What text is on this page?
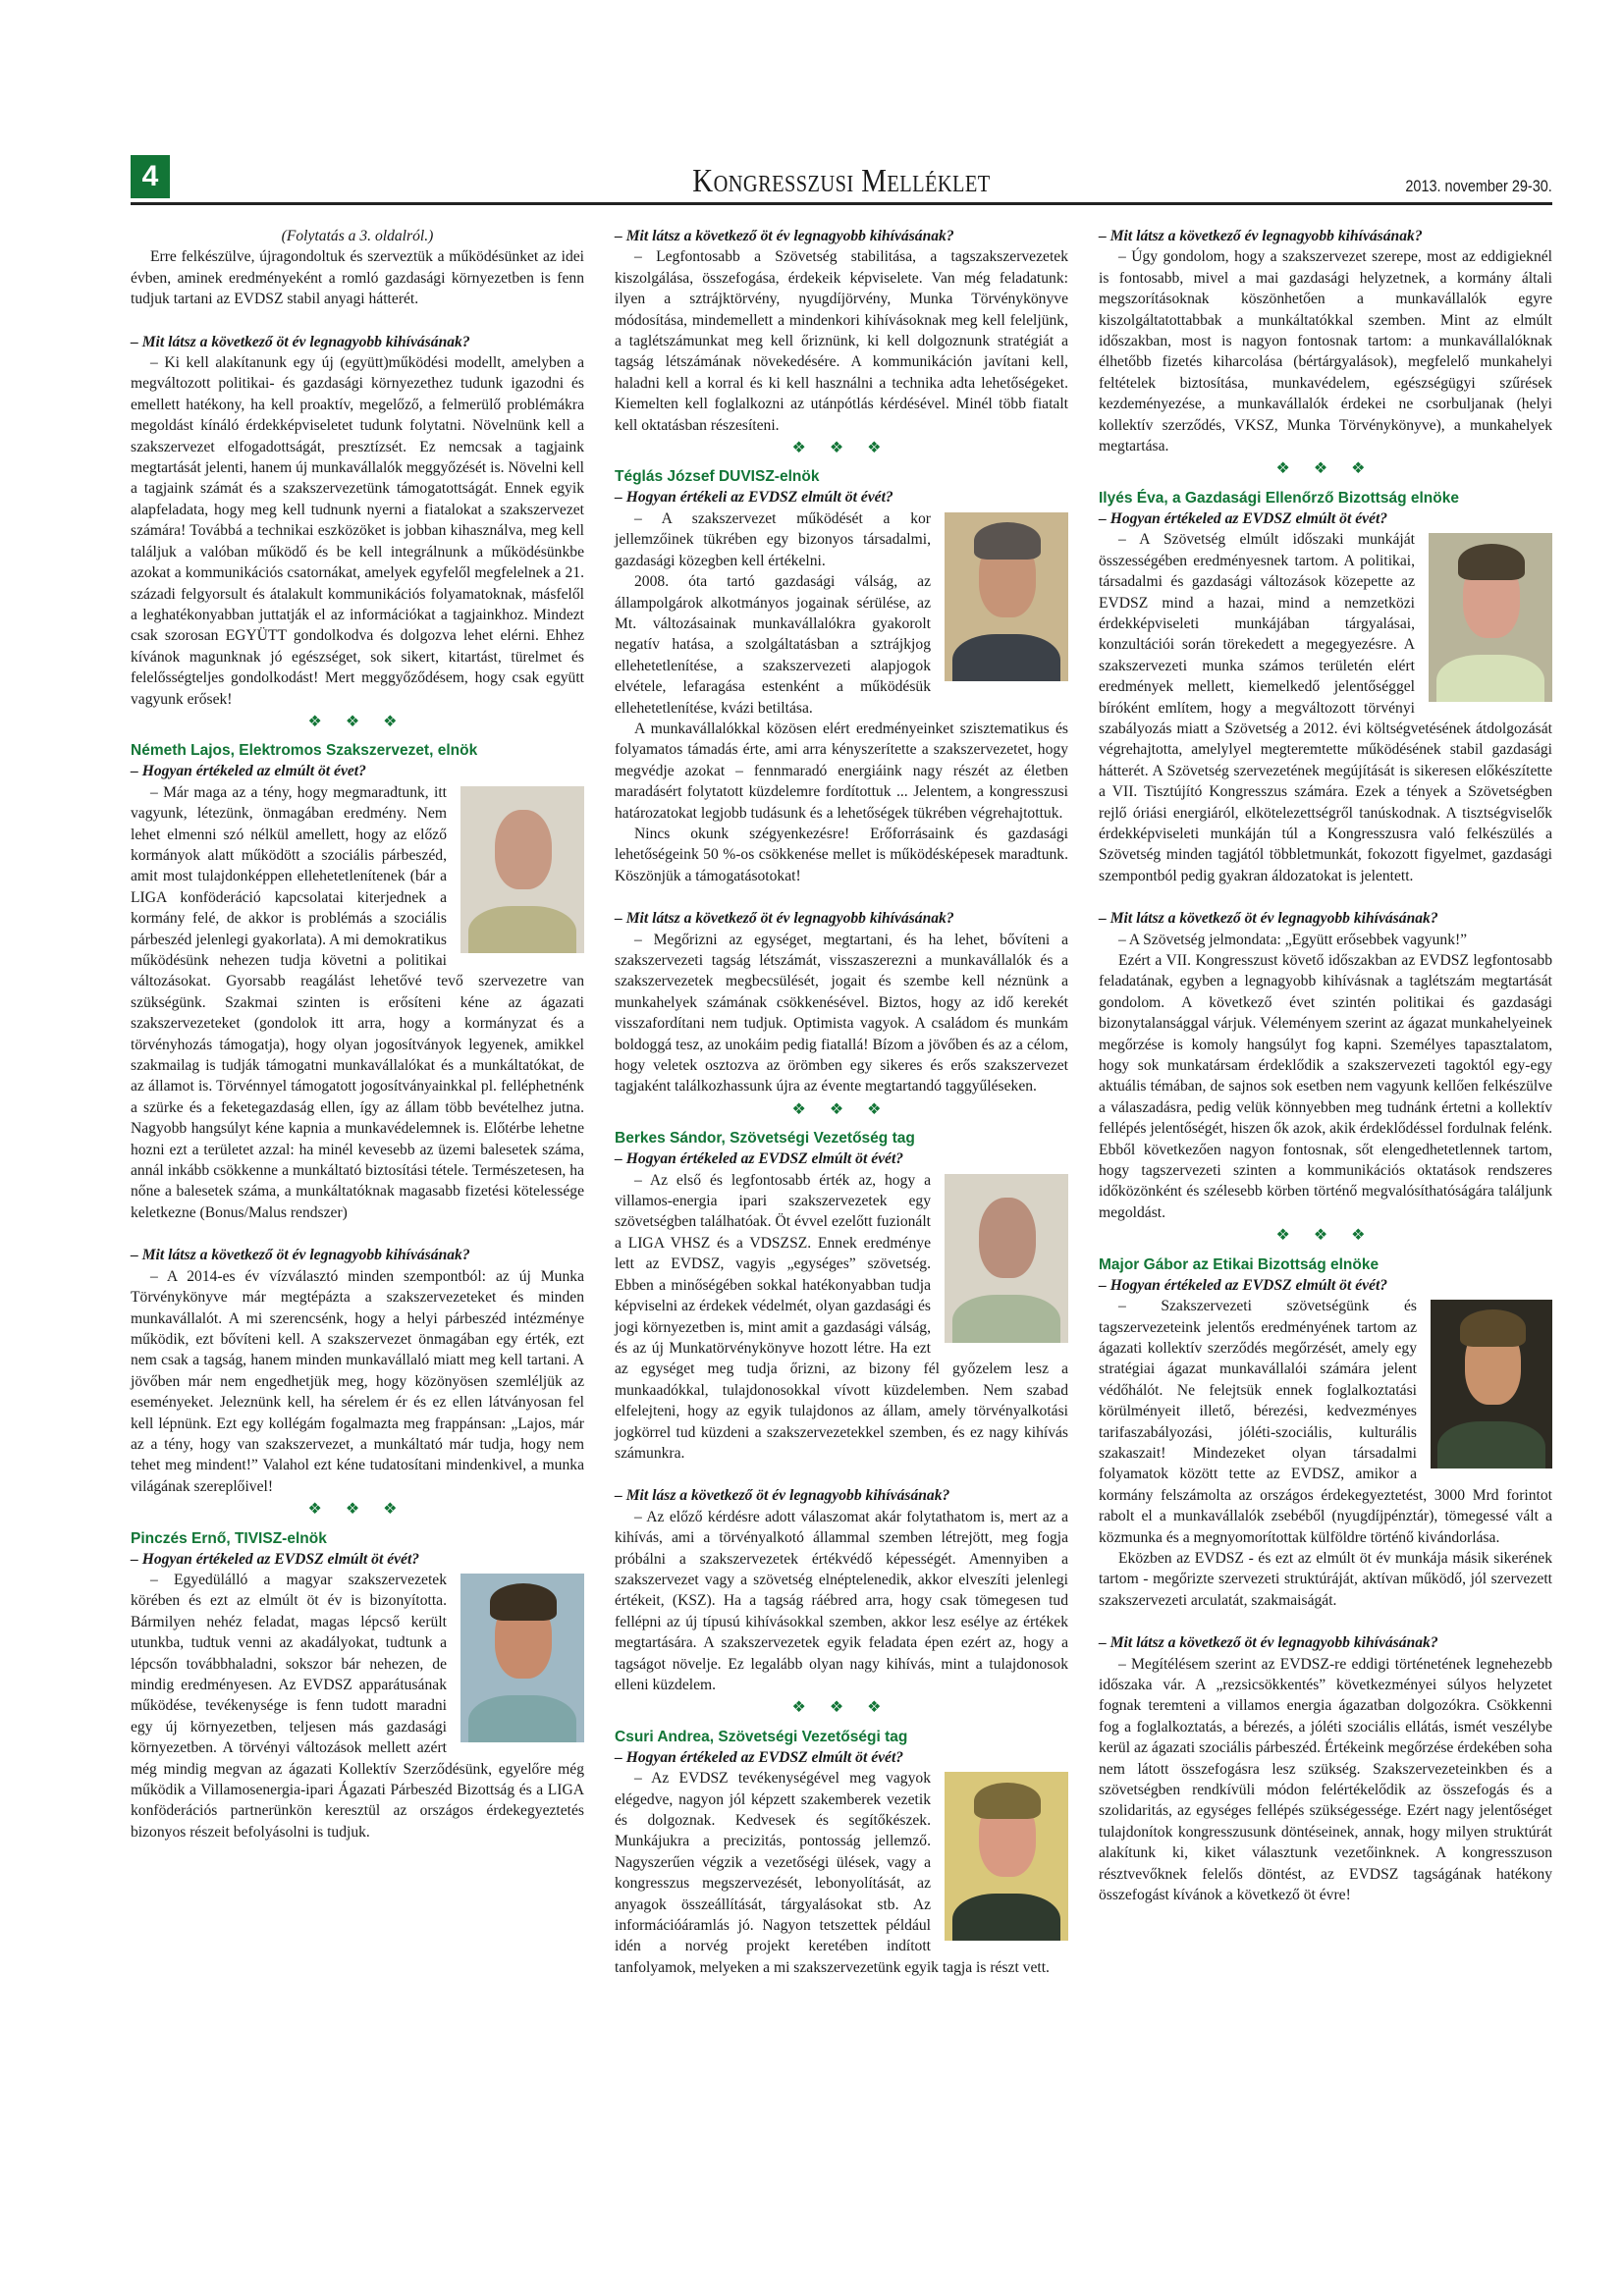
4	Kongresszusi Melléklet	2013. november 29-30.

(Folytatás a 3. oldalról.)

Erre felkészülve, újragondoltuk és szerveztük a működésünket az idei évben, aminek eredményeként a romló gazdasági környezetben is fenn tudjuk tartani az EVDSZ stabil anyagi hátterét.

– Mit látsz a következő öt év legnagyobb kihívásának?

– Ki kell alakítanunk egy új (együtt)működési modellt, amelyben a megváltozott politikai- és gazdasági környezethez tudunk igazodni és emellett hatékony, ha kell proaktív, megelőző, a felmerülő problémákra megoldást kínáló érdekképviseletet tudunk folytatni. Növelnünk kell a szakszervezet elfogadottságát, presztízsét. Ez nemcsak a tagjaink megtartását jelenti, hanem új munkavállalók meggyőzését is. Növelni kell a tagjaink számát és a szakszervezetünk támogatottságát. Ennek egyik alapfeladata, hogy meg kell tudnunk nyerni a fiatalokat a szakszervezet számára! Továbbá a technikai eszközöket is jobban kihasználva, meg kell találjuk a valóban működő és be kell integrálnunk a működésünkbe azokat a kommunikációs csatornákat, amelyek egyfelől megfelelnek a 21. századi felgyorsult és átalakult kommunikációs folyamatoknak, másfelől a leghatékonyabban juttatják el az információkat a tagjainkhoz. Mindezt csak szorosan EGYÜTT gondolkodva és dolgozva lehet elérni. Ehhez kívánok magunknak jó egészséget, sok sikert, kitartást, türelmet és felelősségteljes gondolkodást! Mert meggyőződésem, hogy csak együtt vagyunk erősek!

❖ ❖ ❖
Németh Lajos, Elektromos Szakszervezet, elnök

– Hogyan értékeled az elmúlt öt évet?

– Már maga az a tény, hogy megmaradtunk, itt vagyunk, létezünk, önmagában eredmény. Nem lehet elmenni szó nélkül amellett, hogy az előző kormányok alatt működött a szociális párbeszéd, amit most tulajdonképpen ellehetetlenítenek (bár a LIGA konföderáció kapcsolatai kiterjednek a kormány felé, de akkor is problémás a szociális párbeszéd jelenlegi gyakorlata). A mi demokratikus működésünk nehezen tudja követni a politikai változásokat. Gyorsabb reagálást lehetővé tevő szervezetre van szükségünk. Szakmai szinten is erősíteni kéne az ágazati szakszervezeteket (gondolok itt arra, hogy a kormányzat és a törvényhozás támogatja), hogy olyan jogosítványok legyenek, amikkel szakmailag is tudják támogatni munkavállalókat és a munkáltatókat, de az államot is. Törvénnyel támogatott jogosítványainkkal pl. felléphetnénk a szürke és a feketegazdaság ellen, így az állam több bevételhez jutna. Nagyobb hangsúlyt kéne kapnia a munkavédelemnek is. Előtérbe lehetne hozni ezt a területet azzal: ha minél kevesebb az üzemi balesetek száma, annál inkább csökkenne a munkáltató biztosítási tétele. Természetesen, ha nőne a balesetek száma, a munkáltatóknak magasabb fizetési kötelessége keletkezne (Bonus/Malus rendszer)

– Mit látsz a következő öt év legnagyobb kihívásának?

– A 2014-es év vízválasztó minden szempontból: az új Munka Törvénykönyve már megtépázta a szakszervezeteket és minden munkavállalót. A mi szerencsénk, hogy a helyi párbeszéd intézménye működik, ezt bővíteni kell. A szakszervezet önmagában egy érték, ezt nem csak a tagság, hanem minden munkavállaló miatt meg kell tartani. A jövőben már nem engedhetjük meg, hogy közönyösen szemléljük az eseményeket. Jeleznünk kell, ha sérelem ér és ez ellen látványosan fel kell lépnünk. Ezt egy kollégám fogalmazta meg frappánsan: „Lajos, már az a tény, hogy van szakszervezet, a munkáltató már tudja, hogy nem tehet meg mindent!” Valahol ezt kéne tudatosítani mindenkivel, a munka világának szereplőivel!

❖ ❖ ❖
Pinczés Ernő, TIVISZ-elnök

– Hogyan értékeled az EVDSZ elmúlt öt évét?

– Egyedülálló a magyar szakszervezetek körében és ezt az elmúlt öt év is bizonyította. Bármilyen nehéz feladat, magas lépcső került utunkba, tudtuk venni az akadályokat, tudtunk a lépcsőn továbbhaladni, sokszor bár nehezen, de mindig eredményesen. Az EVDSZ apparátusának működése, tevékenysége is fenn tudott maradni egy új környezetben, teljesen más gazdasági környezetben. A törvényi változások mellett azért még mindig megvan az ágazati Kollektív Szerződésünk, egyelőre még működik a Villamosenergia-ipari Ágazati Párbeszéd Bizottság és a LIGA konföderációs partnerünkön keresztül az országos érdekegyeztetés bizonyos részeit befolyásolni is tudjuk.

– Mit látsz a következő öt év legnagyobb kihívásának?

– Legfontosabb a Szövetség stabilitása, a tagszakszervezetek kiszolgálása, összefogása, érdekeik képviselete. Van még feladatunk: ilyen a sztrájktörvény, nyugdíjörvény, Munka Törvénykönyve módosítása, mindemellett a mindenkori kihívásoknak meg kell feleljünk, a taglétszámunkat meg kell őriznünk, ki kell dolgoznunk stratégiát a tagság létszámának növekedésére. A kommunikáción javítani kell, haladni kell a korral és ki kell használni a technika adta lehetőségeket. Kiemelten kell foglalkozni az utánpótlás kérdésével. Minél több fiatalt kell oktatásban részesíteni.

❖ ❖ ❖
Téglás József DUVISZ-elnök

– Hogyan értékeli az EVDSZ elmúlt öt évét?

– A szakszervezet működését a kor jellemzőinek tükrében egy bizonyos társadalmi, gazdasági közegben kell értékelni.

2008. óta tartó gazdasági válság, az állampolgárok alkotmányos jogainak sérülése, az Mt. változásainak munkavállalókra gyakorolt negatív hatása, a szolgáltatásban a sztrájkjog ellehetetlenítése, a szakszervezeti alapjogok elvétele, lefaragása estenként a működésük ellehetetlenítése, kvázi betiltása.

A munkavállalókkal közösen elért eredményeinket szisztematikus és folyamatos támadás érte, ami arra kényszerítette a szakszervezetet, hogy megvédje azokat – fennmaradó energiáink nagy részét az életben maradásért folytatott küzdelemre fordítottuk ... Jelentem, a kongresszusi határozatokat legjobb tudásunk és a lehetőségek tükrében végrehajtottuk.

Nincs okunk szégyenkezésre! Erőforrásaink és gazdasági lehetőségeink 50 %-os csökkenése mellet is működésképesek maradtunk. Köszönjük a támogatásotokat!

– Mit látsz a következő öt év legnagyobb kihívásának?

– Megőrizni az egységet, megtartani, és ha lehet, bővíteni a szakszervezeti tagság létszámát, visszaszerezni a munkavállalók és a szakszervezetek megbecsülését, jogait és szembe kell néznünk a munkahelyek számának csökkenésével. Biztos, hogy az idő kerekét visszafordítani nem tudjuk. Optimista vagyok. A családom és munkám boldoggá tesz, az unokáim pedig fiatallá! Bízom a jövőben és az a célom, hogy veletek osztozva az örömben egy sikeres és erős szakszervezet tagjaként találkozhassunk újra az évente megtartandó taggyűléseken.

❖ ❖ ❖
Berkes Sándor, Szövetségi Vezetőség tag

– Hogyan értékeled az EVDSZ elmúlt öt évét?

– Az első és legfontosabb érték az, hogy a villamos-energia ipari szakszervezetek egy szövetségben találhatóak. Öt évvel ezelőtt fuzionált a LIGA VHSZ és a VDSZSZ. Ennek eredménye lett az EVDSZ, vagyis „egységes” szövetség. Ebben a minőségében sokkal hatékonyabban tudja képviselni az érdekek védelmét, olyan gazdasági és jogi környezetben is, mint amit a gazdasági válság, és az új Munkatörvénykönyve hozott létre. Ha ezt az egységet meg tudja őrizni, az bizony fél győzelem lesz a munkaadókkal, tulajdonosokkal vívott küzdelemben. Nem szabad elfelejteni, hogy az egyik tulajdonos az állam, amely törvényalkotási jogkörrel tud küzdeni a szakszervezetekkel szemben, és ez nagy kihívás számunkra.

– Mit lász a következő öt év legnagyobb kihívásának?

– Az előző kérdésre adott válaszomat akár folytathatom is, mert az a kihívás, ami a törvényalkotó állammal szemben létrejött, meg fogja próbálni a szakszervezetek értékvédő képességét. Amennyiben a szakszervezet vagy a szövetség elnéptelenedik, akkor elveszíti jelenlegi értékeit, (KSZ). Ha a tagság ráébred arra, hogy csak tömegesen tud fellépni az új típusú kihívásokkal szemben, akkor lesz esélye az értékek megtartására. A szakszervezetek egyik feladata épen ezért az, hogy a tagságot növelje. Ez legalább olyan nagy kihívás, mint a tulajdonosok elleni küzdelem.

❖ ❖ ❖
Csuri Andrea, Szövetségi Vezetőségi tag

– Hogyan értékeled az EVDSZ elmúlt öt évét?

– Az EVDSZ tevékenységével meg vagyok elégedve, nagyon jól képzett szakemberek vezetik és dolgoznak. Kedvesek és segítőkészek. Munkájukra a precizitás, pontosság jellemző. Nagyszerűen végzik a vezetőségi ülések, vagy a kongresszus megszervezését, lebonyolítását, az anyagok összeállítását, tárgyalásokat stb. Az információáramlás jó. Nagyon tetszettek például idén a norvég projekt keretében indított tanfolyamok, melyeken a mi szakszervezetünk egyik tagja is részt vett.

– Mit látsz a következő év legnagyobb kihívásának?

– Úgy gondolom, hogy a szakszervezet szerepe, most az eddigieknél is fontosabb, mivel a mai gazdasági helyzetnek, a kormány általi megszorításoknak köszönhetően a munkavállalók egyre kiszolgáltatottabbak a munkáltatókkal szemben. Mint az elmúlt időszakban, most is nagyon fontosnak tartom: a munkavállalóknak élhetőbb fizetés kiharcolása (bértárgyalások), megfelelő munkahelyi feltételek biztosítása, munkavédelem, egészségügyi szűrések kezdeményezése, a munkavállalók érdekei ne csorbuljanak (helyi kollektív szerződés, VKSZ, Munka Törvénykönyve), a munkahelyek megtartása.

❖ ❖ ❖
Ilyés Éva, a Gazdasági Ellenőrző Bizottság elnöke

– Hogyan értékeled az EVDSZ elmúlt öt évét?

– A Szövetség elmúlt időszaki munkáját összességében eredményesnek tartom. A politikai, társadalmi és gazdasági változások közepette az EVDSZ mind a hazai, mind a nemzetközi érdekképviseleti munkájában tárgyalásai, konzultációi során törekedett a megegyezésre. A szakszervezeti munka számos területén elért eredmények mellett, kiemelkedő jelentőséggel bíróként említem, hogy a megváltozott törvényi szabályozás miatt a Szövetség a 2012. évi költségvetésének átdolgozását végrehajtotta, amelylyel megteremtette működésének stabil gazdasági hátterét. A Szövetség szervezetének megújítását is sikeresen előkészítette a VII. Tisztújító Kongresszus számára. Ezek a tények a Szövetségben rejlő óriási energiáról, elkötelezettségről tanúskodnak. A tisztségviselők érdekképviseleti munkáján túl a Kongresszusra való felkészülés a Szövetség minden tagjától többletmunkát, fokozott figyelmet, gazdasági szempontból pedig gyakran áldozatokat is jelentett.

– Mit látsz a következő öt év legnagyobb kihívásának?

– A Szövetség jelmondata: „Együtt erősebbek vagyunk!”

Ezért a VII. Kongresszust követő időszakban az EVDSZ legfontosabb feladatának, egyben a legnagyobb kihívásnak a taglétszám megtartását gondolom. A következő évet szintén politikai és gazdasági bizonytalansággal várjuk. Véleményem szerint az ágazat munkahelyeinek megőrzése is komoly hangsúlyt fog kapni. Személyes tapasztalatom, hogy sok munkatársam érdeklődik a szakszervezeti tagoktól egy-egy aktuális témában, de sajnos sok esetben nem vagyunk kellően felkészülve a válaszadásra, pedig velük könnyebben meg tudnánk értetni a kollektív fellépés jelentőségét, hiszen ők azok, akik érdeklődéssel fordulnak felénk. Ebből következően nagyon fontosnak, sőt elengedhetetlennek tartom, hogy tagszervezeti szinten a kommunikációs oktatások rendszeres időközönként és szélesebb körben történő megvalósíthatóságára találjunk megoldást.

❖ ❖ ❖
Major Gábor az Etikai Bizottság elnöke

– Hogyan értékeled az EVDSZ elmúlt öt évét?

– Szakszervezeti szövetségünk és tagszervezeteink jelentős eredményének tartom az ágazati kollektív szerződés megőrzését, amely egy stratégiai ágazat munkavállalói számára jelent védőhálót. Ne felejtsük ennek foglalkoztatási körülményeit illető, bérezési, kedvezményes tarifaszabályozási, jóléti-szociális, kulturális szakaszait! Mindezeket olyan társadalmi folyamatok között tette az EVDSZ, amikor a kormány felszámolta az országos érdekegyeztetést, 3000 Mrd forintot rabolt el a munkavállalók zsebéből (nyugdíjpénztár), tömegessé vált a közmunka és a megnyomorítottak külföldre történő kivándorlása.

Eközben az EVDSZ - és ezt az elmúlt öt év munkája másik sikerének tartom - megőrizte szervezeti struktúráját, aktívan működő, jól szervezett szakszervezeti arculatát, szakmaiságát.

– Mit látsz a következő öt év legnagyobb kihívásának?

– Megítélésem szerint az EVDSZ-re eddigi történetének legnehezebb időszaka vár. A „rezsicsökkentés” következményei súlyos helyzetet fognak teremteni a villamos energia ágazatban dolgozókra. Csökkenni fog a foglalkoztatás, a bérezés, a jóléti szociális ellátás, ismét veszélybe kerül az ágazati szociális párbeszéd. Értékeink megőrzése érdekében soha nem látott összefogásra lesz szükség. Szakszervezeteinkben és a szövetségben rendkívüli módon felértékelődik az összefogás és a szolidaritás, az egységes fellépés szükségessége. Ezért nagy jelentőséget tulajdonítok kongresszusunk döntéseinek, annak, hogy milyen struktúrát alakítunk ki, kiket választunk vezetőinknek. A kongresszuson résztvevőknek felelős döntést, az EVDSZ tagságának hatékony összefogást kívánok a következő öt évre!
